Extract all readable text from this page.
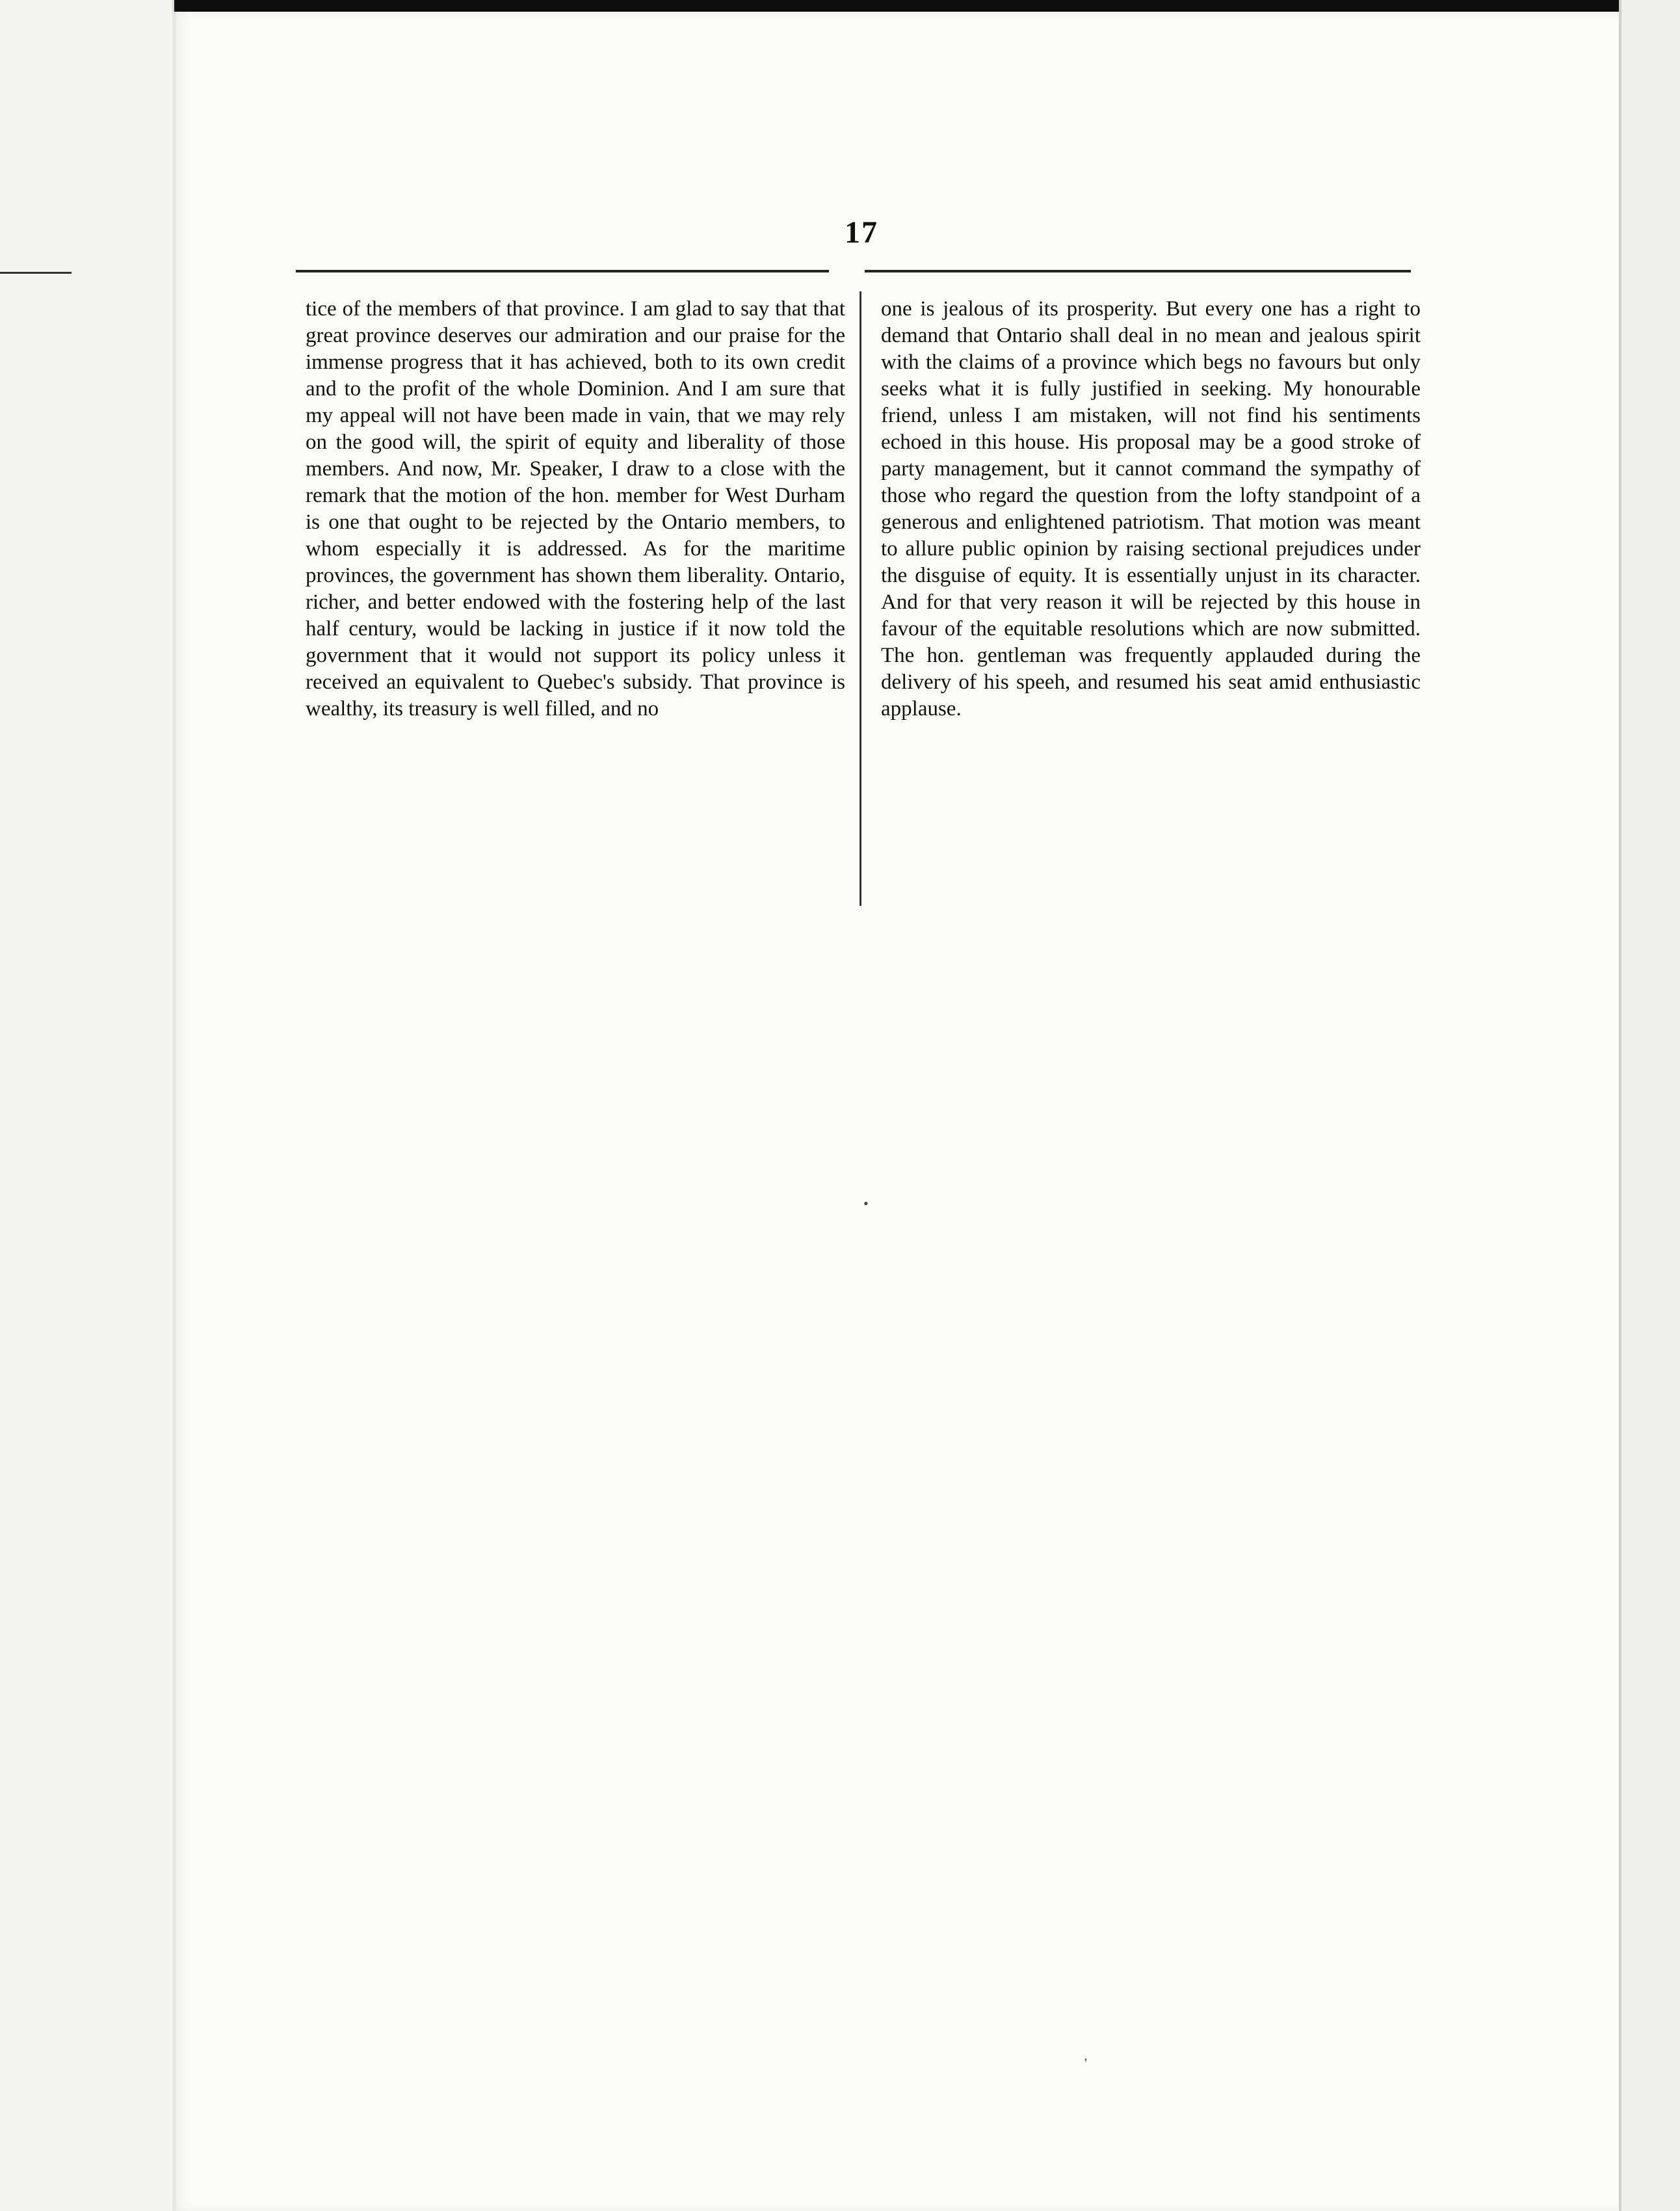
17

tice of the members of that province. I am glad to say that that great province deserves our admiration and our praise for the immense progress that it has achieved, both to its own credit and to the profit of the whole Dominion. And I am sure that my appeal will not have been made in vain, that we may rely on the good will, the spirit of equity and liberality of those members. And now, Mr. Speaker, I draw to a close with the remark that the motion of the hon. member for West Durham is one that ought to be rejected by the Ontario members, to whom especially it is addressed. As for the maritime provinces, the government has shown them liberality. Ontario, richer, and better endowed with the fostering help of the last half century, would be lacking in justice if it now told the government that it would not support its policy unless it received an equivalent to Quebec's subsidy. That province is wealthy, its treasury is well filled, and no

one is jealous of its prosperity. But every one has a right to demand that Ontario shall deal in no mean and jealous spirit with the claims of a province which begs no favours but only seeks what it is fully justified in seeking. My honourable friend, unless I am mistaken, will not find his sentiments echoed in this house. His proposal may be a good stroke of party management, but it cannot command the sympathy of those who regard the question from the lofty standpoint of a generous and enlightened patriotism. That motion was meant to allure public opinion by raising sectional prejudices under the disguise of equity. It is essentially unjust in its character. And for that very reason it will be rejected by this house in favour of the equitable resolutions which are now submitted. The hon. gentleman was frequently applauded during the delivery of his speeh, and resumed his seat amid enthusiastic applause.

•
'
